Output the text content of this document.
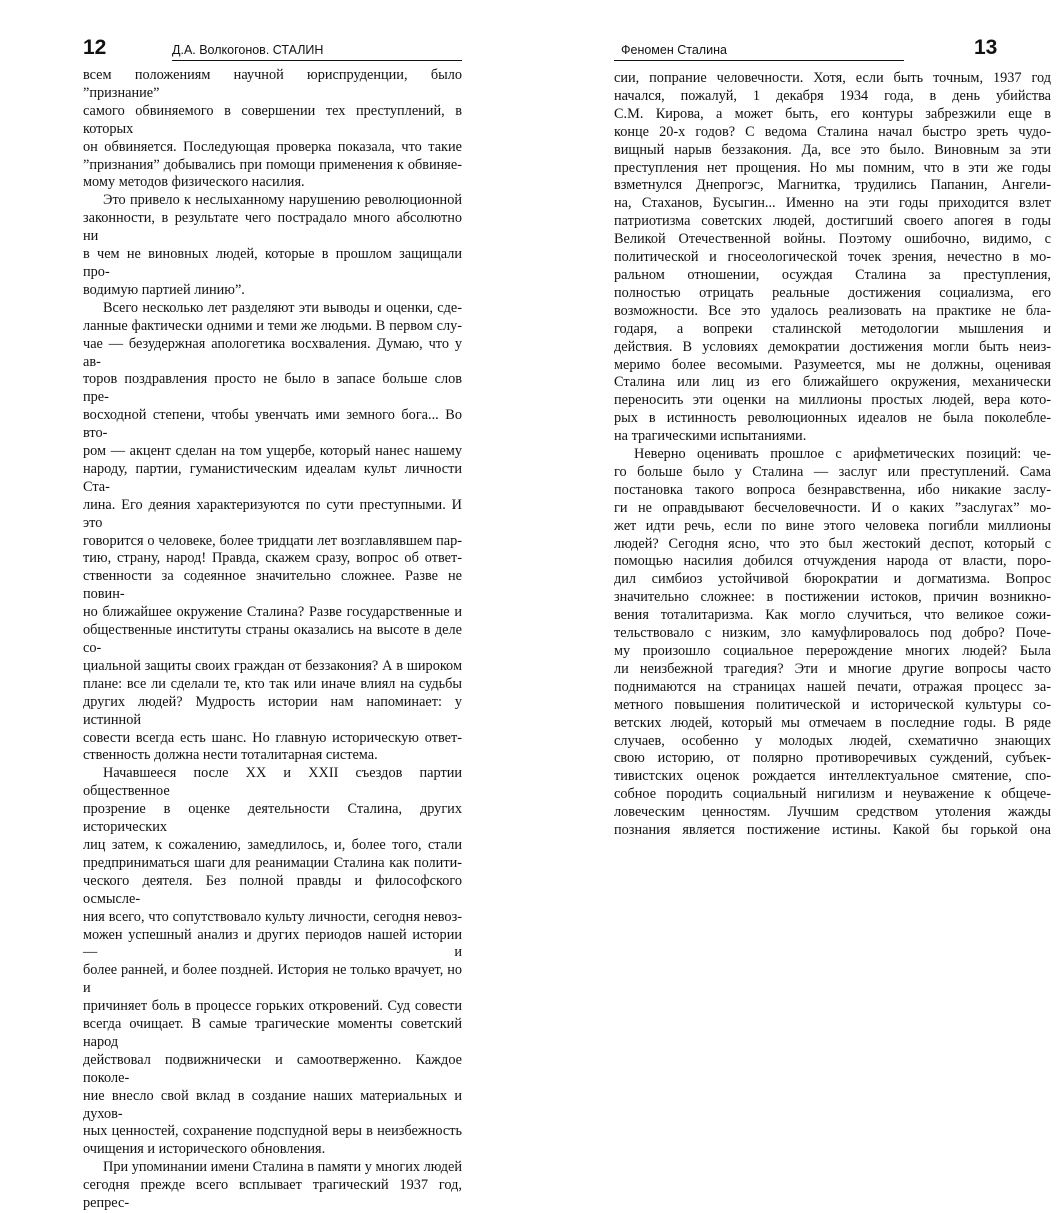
12	Д.А. Волкогонов. СТАЛИН
всем положениям научной юриспруденции, было ”признание”
самого обвиняемого в совершении тех преступлений, в которых
он обвиняется. Последующая проверка показала, что такие
”признания” добывались при помощи применения к обвиняе-
мому методов физического насилия.
Это привело к неслыханному нарушению революционной
законности, в результате чего пострадало много абсолютно ни
в чем не виновных людей, которые в прошлом защищали про-
водимую партией линию”.
Всего несколько лет разделяют эти выводы и оценки, сде-
ланные фактически одними и теми же людьми. В первом слу-
чае — безудержная апологетика восхваления. Думаю, что у ав-
торов поздравления просто не было в запасе больше слов пре-
восходной степени, чтобы увенчать ими земного бога... Во вто-
ром — акцент сделан на том ущербе, который нанес нашему
народу, партии, гуманистическим идеалам культ личности Ста-
лина. Его деяния характеризуются по сути преступными. И это
говорится о человеке, более тридцати лет возглавлявшем пар-
тию, страну, народ! Правда, скажем сразу, вопрос об ответ-
ственности за содеянное значительно сложнее. Разве не повин-
но ближайшее окружение Сталина? Разве государственные и
общественные институты страны оказались на высоте в деле со-
циальной защиты своих граждан от беззакония? А в широком
плане: все ли сделали те, кто так или иначе влиял на судьбы
других людей? Мудрость истории нам напоминает: у истинной
совести всегда есть шанс. Но главную историческую ответ-
ственность должна нести тоталитарная система.
Начавшееся после XX и XXII съездов партии общественное
прозрение в оценке деятельности Сталина, других исторических
лиц затем, к сожалению, замедлилось, и, более того, стали
предприниматься шаги для реанимации Сталина как полити-
ческого деятеля. Без полной правды и философского осмысле-
ния всего, что сопутствовало культу личности, сегодня невоз-
можен успешный анализ и других периодов нашей истории — и
более ранней, и более поздней. История не только врачует, но и
причиняет боль в процессе горьких откровений. Суд совести
всегда очищает. В самые трагические моменты советский народ
действовал подвижнически и самоотверженно. Каждое поколе-
ние внесло свой вклад в создание наших материальных и духов-
ных ценностей, сохранение подспудной веры в неизбежность
очищения и исторического обновления.
При упоминании имени Сталина в памяти у многих людей
сегодня прежде всего всплывает трагический 1937 год, репрес-
Феномен Сталина	13
сии, попрание человечности. Хотя, если быть точным, 1937 год
начался, пожалуй, 1 декабря 1934 года, в день убийства
С.М. Кирова, а может быть, его контуры забрезжили еще в
конце 20-х годов? С ведома Сталина начал быстро зреть чудо-
вищный нарыв беззакония. Да, все это было. Виновным за эти
преступления нет прощения. Но мы помним, что в эти же годы
взметнулся Днепрогэс, Магнитка, трудились Папанин, Ангели-
на, Стаханов, Бусыгин... Именно на эти годы приходится взлет
патриотизма советских людей, достигший своего апогея в годы
Великой Отечественной войны. Поэтому ошибочно, видимо, с
политической и гносеологической точек зрения, нечестно в мо-
ральном отношении, осуждая Сталина за преступления,
полностью отрицать реальные достижения социализма, его
возможности. Все это удалось реализовать на практике не бла-
годаря, а вопреки сталинской методологии мышления и
действия. В условиях демократии достижения могли быть неиз-
меримо более весомыми. Разумеется, мы не должны, оценивая
Сталина или лиц из его ближайшего окружения, механически
переносить эти оценки на миллионы простых людей, вера кото-
рых в истинность революционных идеалов не была поколебле-
на трагическими испытаниями.
Неверно оценивать прошлое с арифметических позиций: че-
го больше было у Сталина — заслуг или преступлений. Сама
постановка такого вопроса безнравственна, ибо никакие заслу-
ги не оправдывают бесчеловечности. И о каких ”заслугах” мо-
жет идти речь, если по вине этого человека погибли миллионы
людей? Сегодня ясно, что это был жестокий деспот, который с
помощью насилия добился отчуждения народа от власти, поро-
дил симбиоз устойчивой бюрократии и догматизма. Вопрос
значительно сложнее: в постижении истоков, причин возникно-
вения тоталитаризма. Как могло случиться, что великое сожи-
тельствовало с низким, зло камуфлировалось под добро? Поче-
му произошло социальное перерождение многих людей? Была
ли неизбежной трагедия? Эти и многие другие вопросы часто
поднимаются на страницах нашей печати, отражая процесс за-
метного повышения политической и исторической культуры со-
ветских людей, который мы отмечаем в последние годы. В ряде
случаев, особенно у молодых людей, схематично знающих
свою историю, от полярно противоречивых суждений, субъек-
тивистских оценок рождается интеллектуальное смятение, спо-
собное породить социальный нигилизм и неуважение к общече-
ловеческим ценностям. Лучшим средством утоления жажды
познания является постижение истины. Какой бы горькой она
